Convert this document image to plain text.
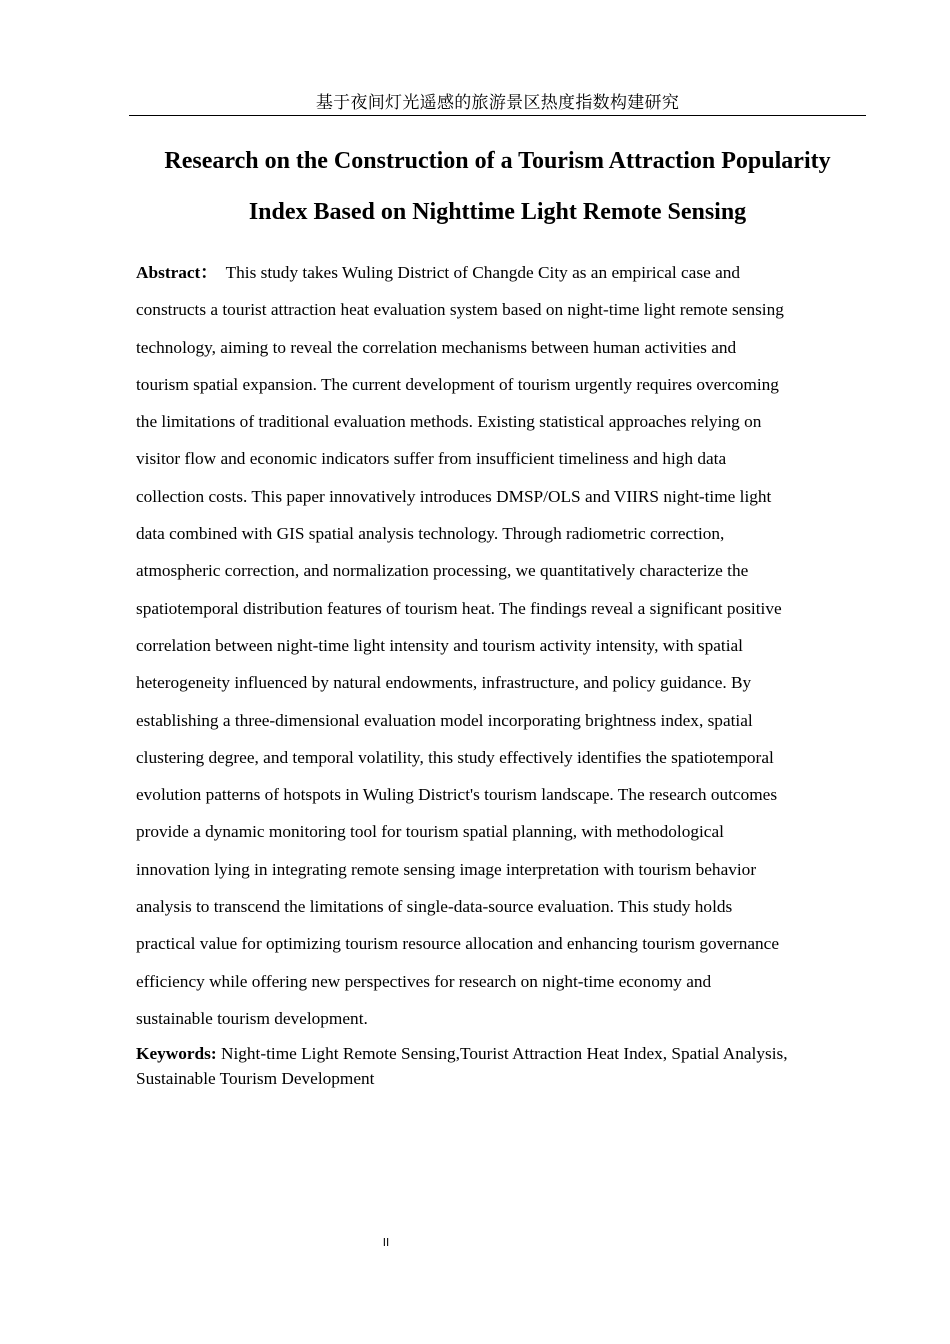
基于夜间灯光遥感的旅游景区热度指数构建研究
Research on the Construction of a Tourism Attraction Popularity
Index Based on Nighttime Light Remote Sensing
Abstract： This study takes Wuling District of Changde City as an empirical case and
constructs a tourist attraction heat evaluation system based on night-time light remote sensing
technology, aiming to reveal the correlation mechanisms between human activities and
tourism spatial expansion. The current development of tourism urgently requires overcoming
the limitations of traditional evaluation methods. Existing statistical approaches relying on
visitor flow and economic indicators suffer from insufficient timeliness and high data
collection costs. This paper innovatively introduces DMSP/OLS and VIIRS night-time light
data combined with GIS spatial analysis technology. Through radiometric correction,
atmospheric correction, and normalization processing, we quantitatively characterize the
spatiotemporal distribution features of tourism heat. The findings reveal a significant positive
correlation between night-time light intensity and tourism activity intensity, with spatial
heterogeneity influenced by natural endowments, infrastructure, and policy guidance. By
establishing a three-dimensional evaluation model incorporating brightness index, spatial
clustering degree, and temporal volatility, this study effectively identifies the spatiotemporal
evolution patterns of hotspots in Wuling District's tourism landscape. The research outcomes
provide a dynamic monitoring tool for tourism spatial planning, with methodological
innovation lying in integrating remote sensing image interpretation with tourism behavior
analysis to transcend the limitations of single-data-source evaluation. This study holds
practical value for optimizing tourism resource allocation and enhancing tourism governance
efficiency while offering new perspectives for research on night-time economy and
sustainable tourism development.
Keywords: Night-time Light Remote Sensing,Tourist Attraction Heat Index, Spatial Analysis,
Sustainable Tourism Development
II
